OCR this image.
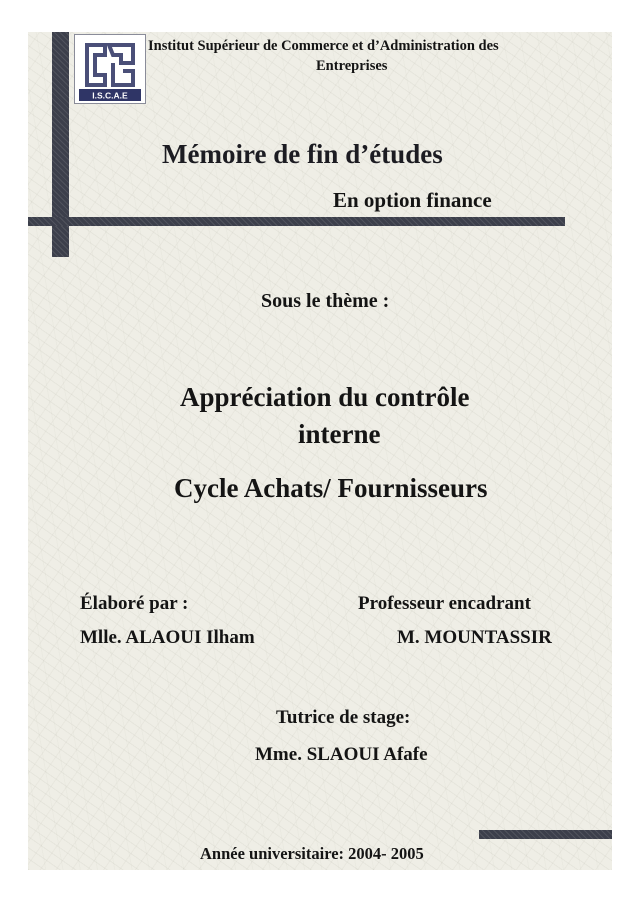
I.S.C.A.E
Institut Supérieur de Commerce et d’Administration des
Entreprises
Mémoire de fin d’études
En option finance
Sous le thème :
Appréciation du contrôle
interne
Cycle Achats/ Fournisseurs
Élaboré par :	Professeur encadrant
Mlle. ALAOUI Ilham	M. MOUNTASSIR
Tutrice de stage:
Mme. SLAOUI Afafe
Année universitaire: 2004- 2005
